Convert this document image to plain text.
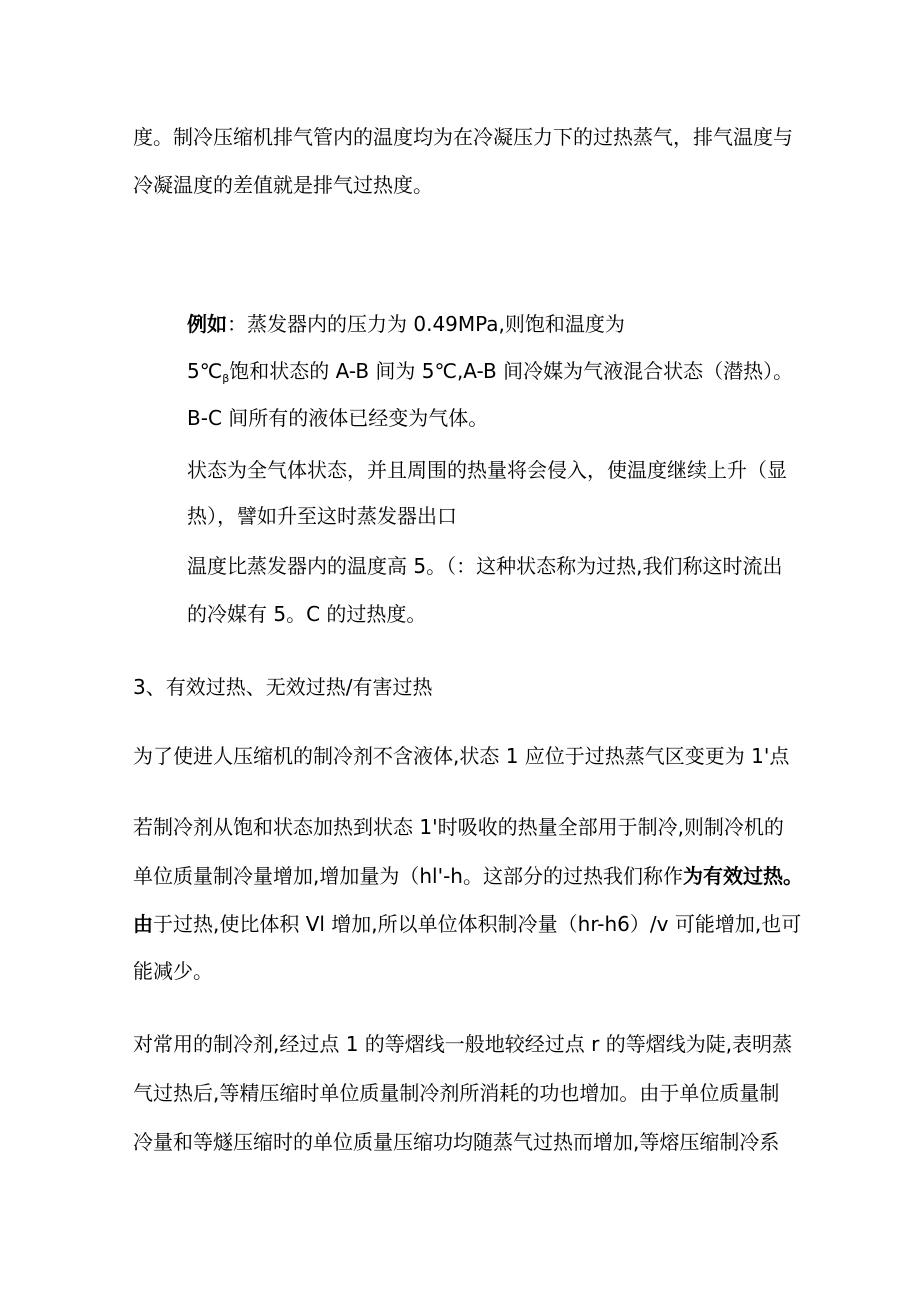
度。制冷压缩机排气管内的温度均为在冷凝压力下的过热蒸气，排气温度与
冷凝温度的差值就是排气过热度。
例如：蒸发器内的压力为 0.49MPa,则饱和温度为
$5℃_\beta$饱和状态的 A-B 间为 5℃,A-B 间冷媒为气液混合状态（潜热）。
B-C 间所有的液体已经变为气体。
状态为全气体状态，并且周围的热量将会侵入，使温度继续上升（显
热），譬如升至这时蒸发器出口
温度比蒸发器内的温度高 5。（：这种状态称为过热,我们称这时流出
的冷媒有 5。C 的过热度。
3、有效过热、无效过热/有害过热
为了使进人压缩机的制冷剂不含液体,状态 1 应位于过热蒸气区变更为 1'点
若制冷剂从饱和状态加热到状态 1'时吸收的热量全部用于制冷,则制冷机的
单位质量制冷量增加,增加量为（hl'-h。这部分的过热我们称作为有效过热。
由于过热,使比体积 Vl 增加,所以单位体积制冷量（hr-h6）/v 可能增加,也可
能减少。
对常用的制冷剂,经过点 1 的等熠线一般地较经过点 r 的等熠线为陡,表明蒸
气过热后,等精压缩时单位质量制冷剂所消耗的功也增加。由于单位质量制
冷量和等燧压缩时的单位质量压缩功均随蒸气过热而增加,等熔压缩制冷系
